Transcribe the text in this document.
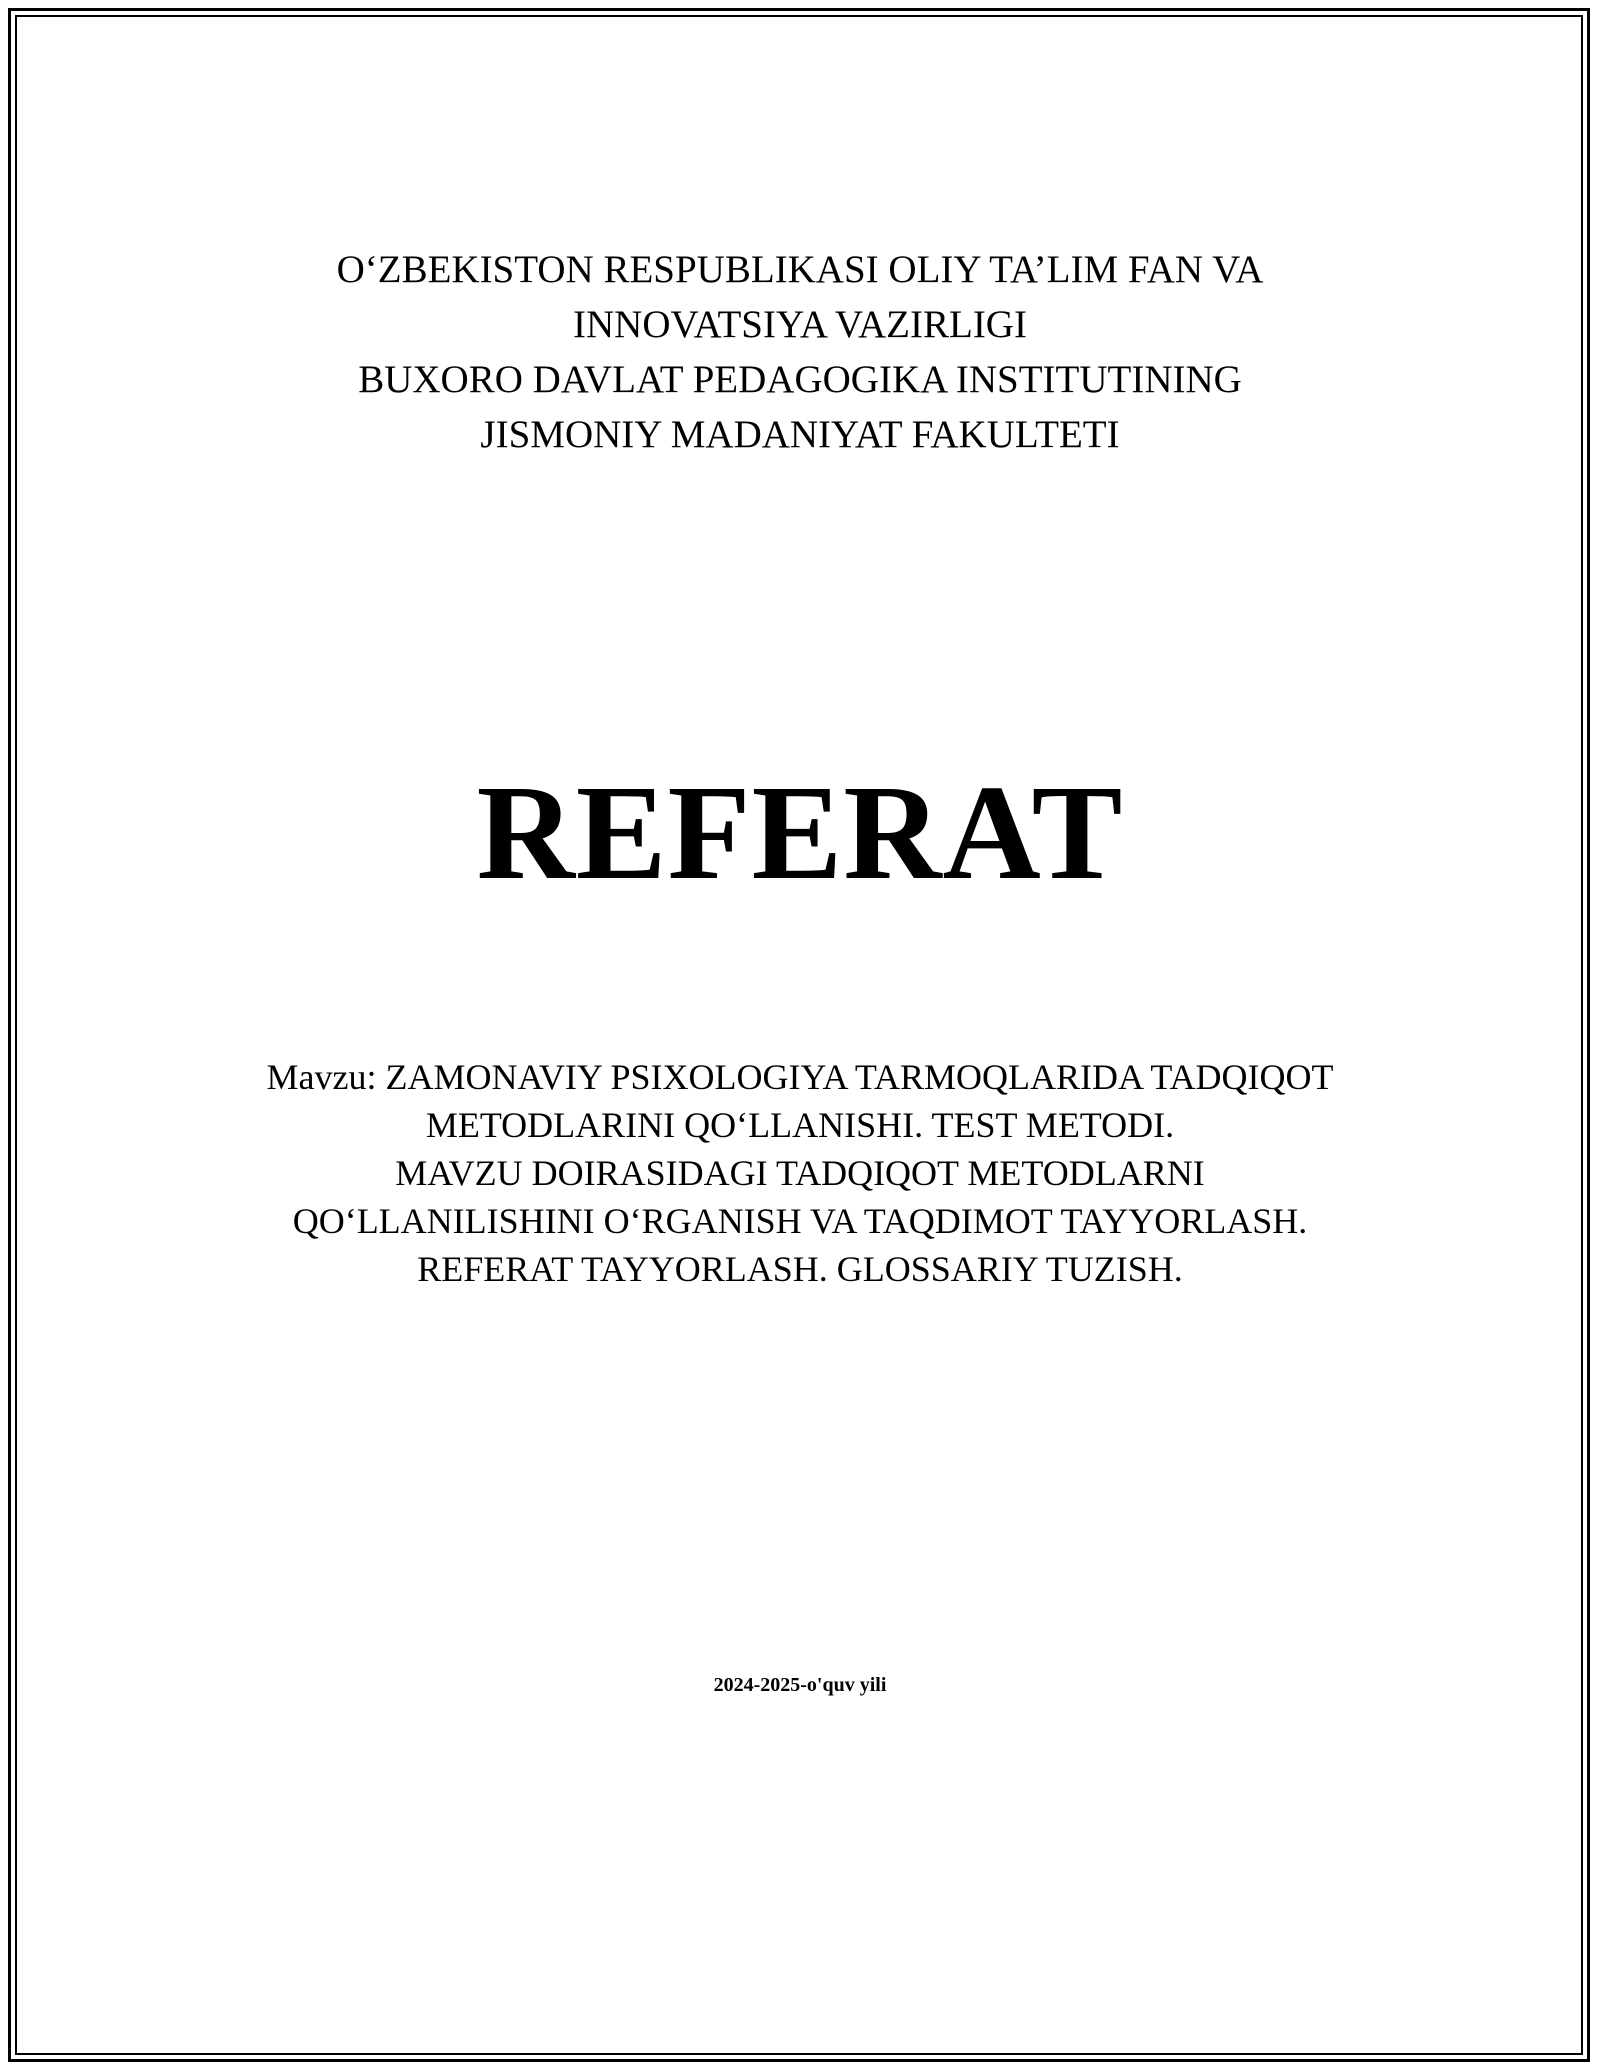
O‘ZBEKISTON RESPUBLIKASI OLIY TA’LIM FAN VA
INNOVATSIYA VAZIRLIGI
BUXORO DAVLAT PEDAGOGIKA INSTITUTINING
JISMONIY MADANIYAT FAKULTETI
REFERAT
Mavzu: ZAMONAVIY PSIXOLOGIYA TARMOQLARIDA TADQIQOT
METODLARINI QO‘LLANISHI. TEST METODI.
MAVZU DOIRASIDAGI TADQIQOT METODLARNI
QO‘LLANILISHINI O‘RGANISH VA TAQDIMOT TAYYORLASH.
REFERAT TAYYORLASH. GLOSSARIY TUZISH.
2024-2025-o'quv yili
